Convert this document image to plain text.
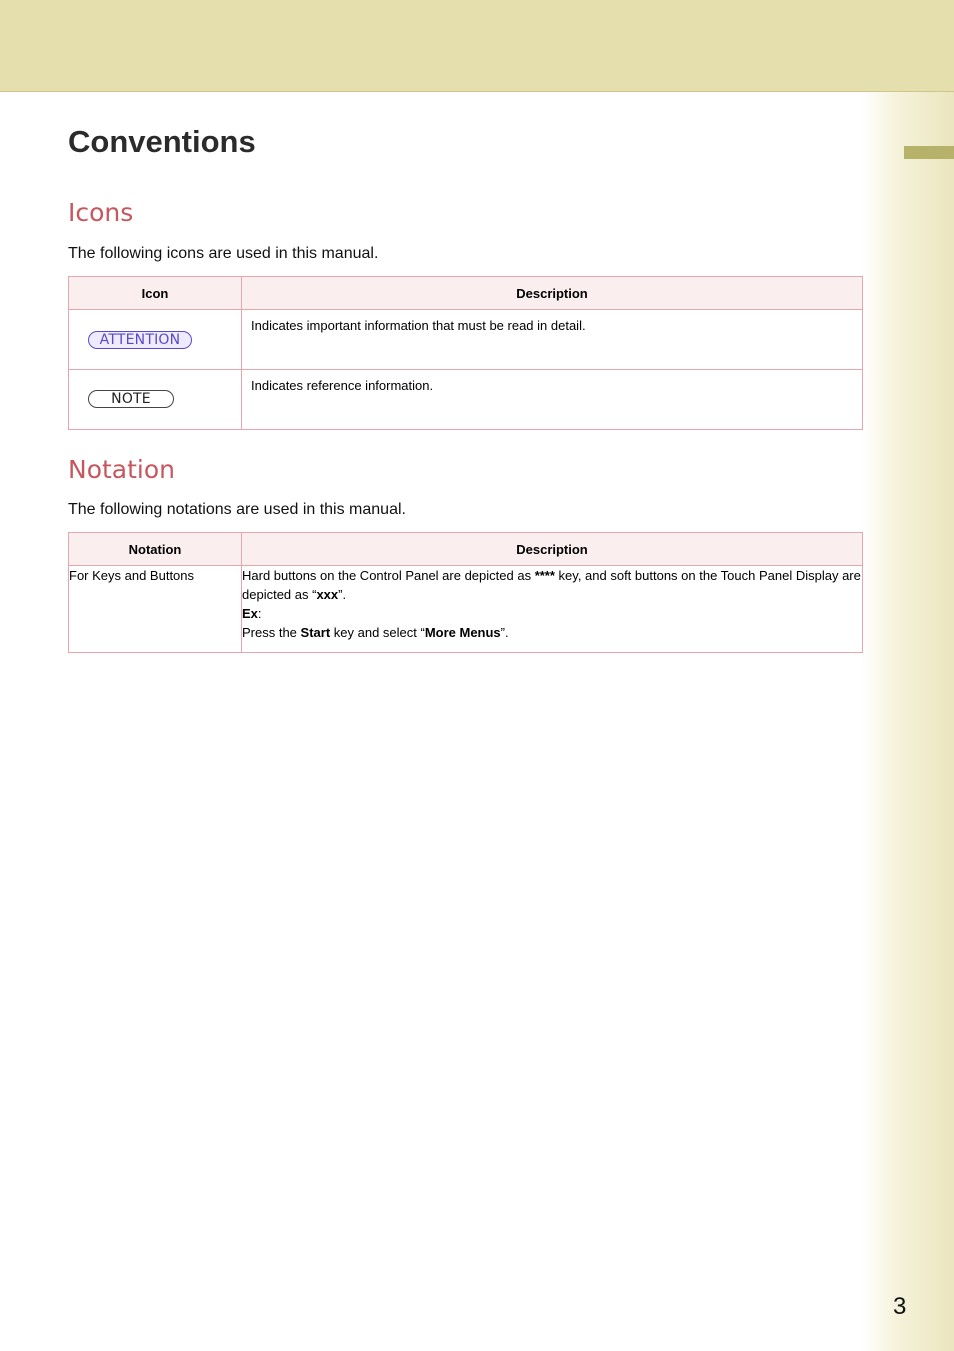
Conventions
Icons

The following icons are used in this manual.

Icon	Description

ATTENTION	Indicates important information that must be read in detail.

NOTE	Indicates reference information.
Notation

The following notations are used in this manual.

Notation	Description
For Keys and Buttons	Hard buttons on the Control Panel are depicted as **** key, and soft buttons on the Touch Panel Display are depicted as “xxx”.
Ex:
Press the Start key and select “More Menus”.
3
